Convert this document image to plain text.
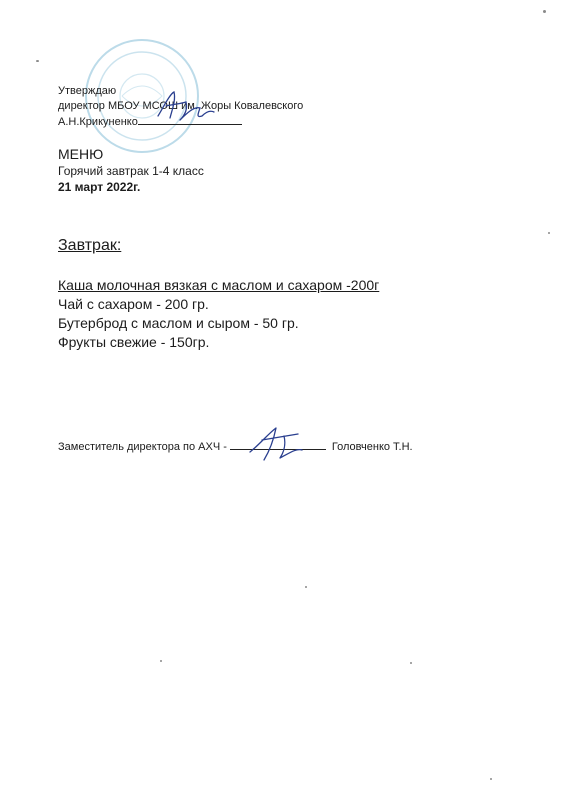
Утверждаю
директор МБОУ МСОШ им. Жоры Ковалевского
А.Н.Крикуненко
МЕНЮ
Горячий завтрак 1-4 класс
21 март 2022г.
Завтрак:
Каша молочная вязкая с маслом и сахаром -200г
Чай с сахаром - 200 гр.
Бутерброд с маслом и сыром - 50 гр.
Фрукты свежие - 150гр.
Заместитель директора по АХЧ -	Головченко Т.Н.
